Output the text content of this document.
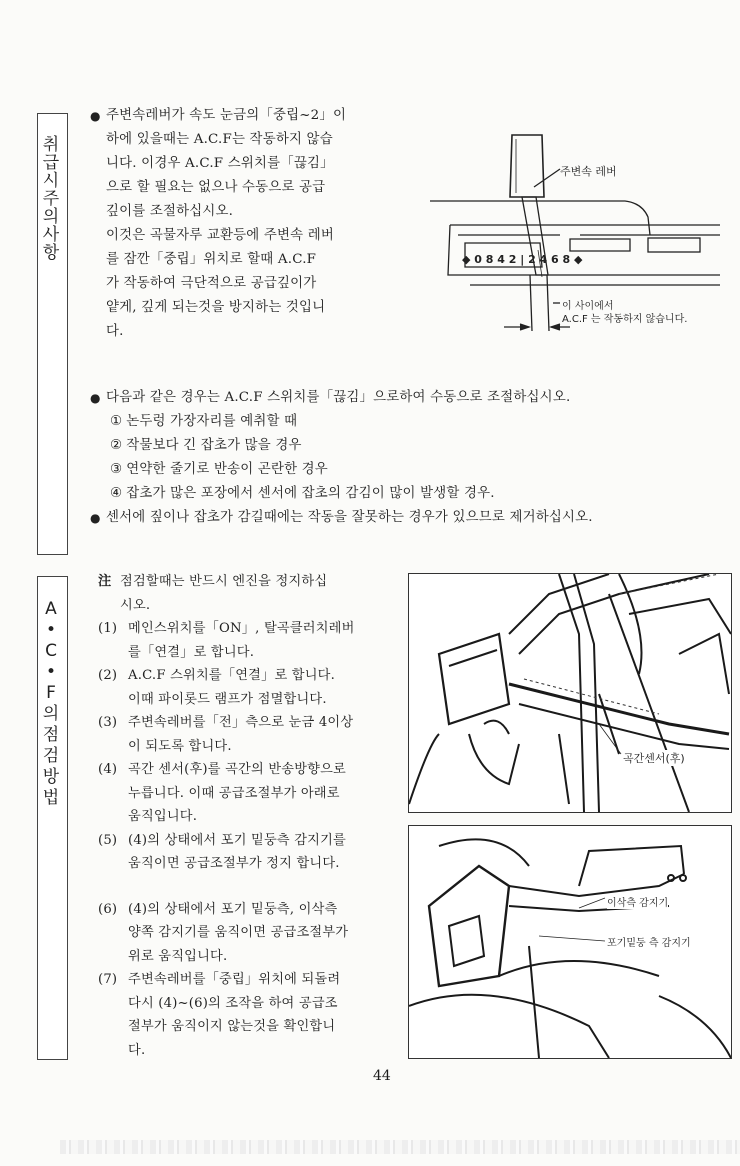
취
급
시
주
의
사
항
A
•
C
•
F
의
점
검
방
법
● 주변속레버가 속도 눈금의「중립~2」이
하에 있을때는 A.C.F는 작동하지 않습
니다. 이경우 A.C.F 스위치를「끊김」
으로 할 필요는 없으나 수동으로 공급
깊이를 조절하십시오.
이것은 곡물자루 교환등에 주변속 레버
를 잠깐「중립」위치로 할때 A.C.F
가 작동하여 극단적으로 공급깊이가
얕게, 깊게 되는것을 방지하는 것입니
다.
◆ 0 8 4 2 | 2 4 6 8 ◆
주변속 레버
이 사이에서
A.C.F 는 작동하지 않습니다.
● 다음과 같은 경우는 A.C.F 스위치를「끊김」으로하여 수동으로 조절하십시오.
① 논두렁 가장자리를 예취할 때
② 작물보다 긴 잡초가 많을 경우
③ 연약한 줄기로 반송이 곤란한 경우
④ 잡초가 많은 포장에서 센서에 잡초의 감김이 많이 발생할 경우.
● 센서에 짚이나 잡초가 감길때에는 작동을 잘못하는 경우가 있으므로 제거하십시오.
注 점검할때는 반드시 엔진을 정지하십
시오.
(1) 메인스위치를「ON」, 탈곡클러치레버
를「연결」로 합니다.
(2) A.C.F 스위치를「연결」로 합니다.
이때 파이롯드 램프가 점멸합니다.
(3) 주변속레버를「전」측으로 눈금 4이상
이 되도록 합니다.
(4) 곡간 센서(후)를 곡간의 반송방향으로
누릅니다. 이때 공급조절부가 아래로
움직입니다.
(5) (4)의 상태에서 포기 밑둥측 감지기를
움직이면 공급조절부가 정지 합니다.
(6) (4)의 상태에서 포기 밑둥측, 이삭측
양쪽 감지기를 움직이면 공급조절부가
위로 움직입니다.
(7) 주변속레버를「중립」위치에 되돌려
다시 (4)~(6)의 조작을 하여 공급조
절부가 움직이지 않는것을 확인합니
다.
곡간센서(후)
이삭측 감지기
포기밑둥 측 감지기
44
